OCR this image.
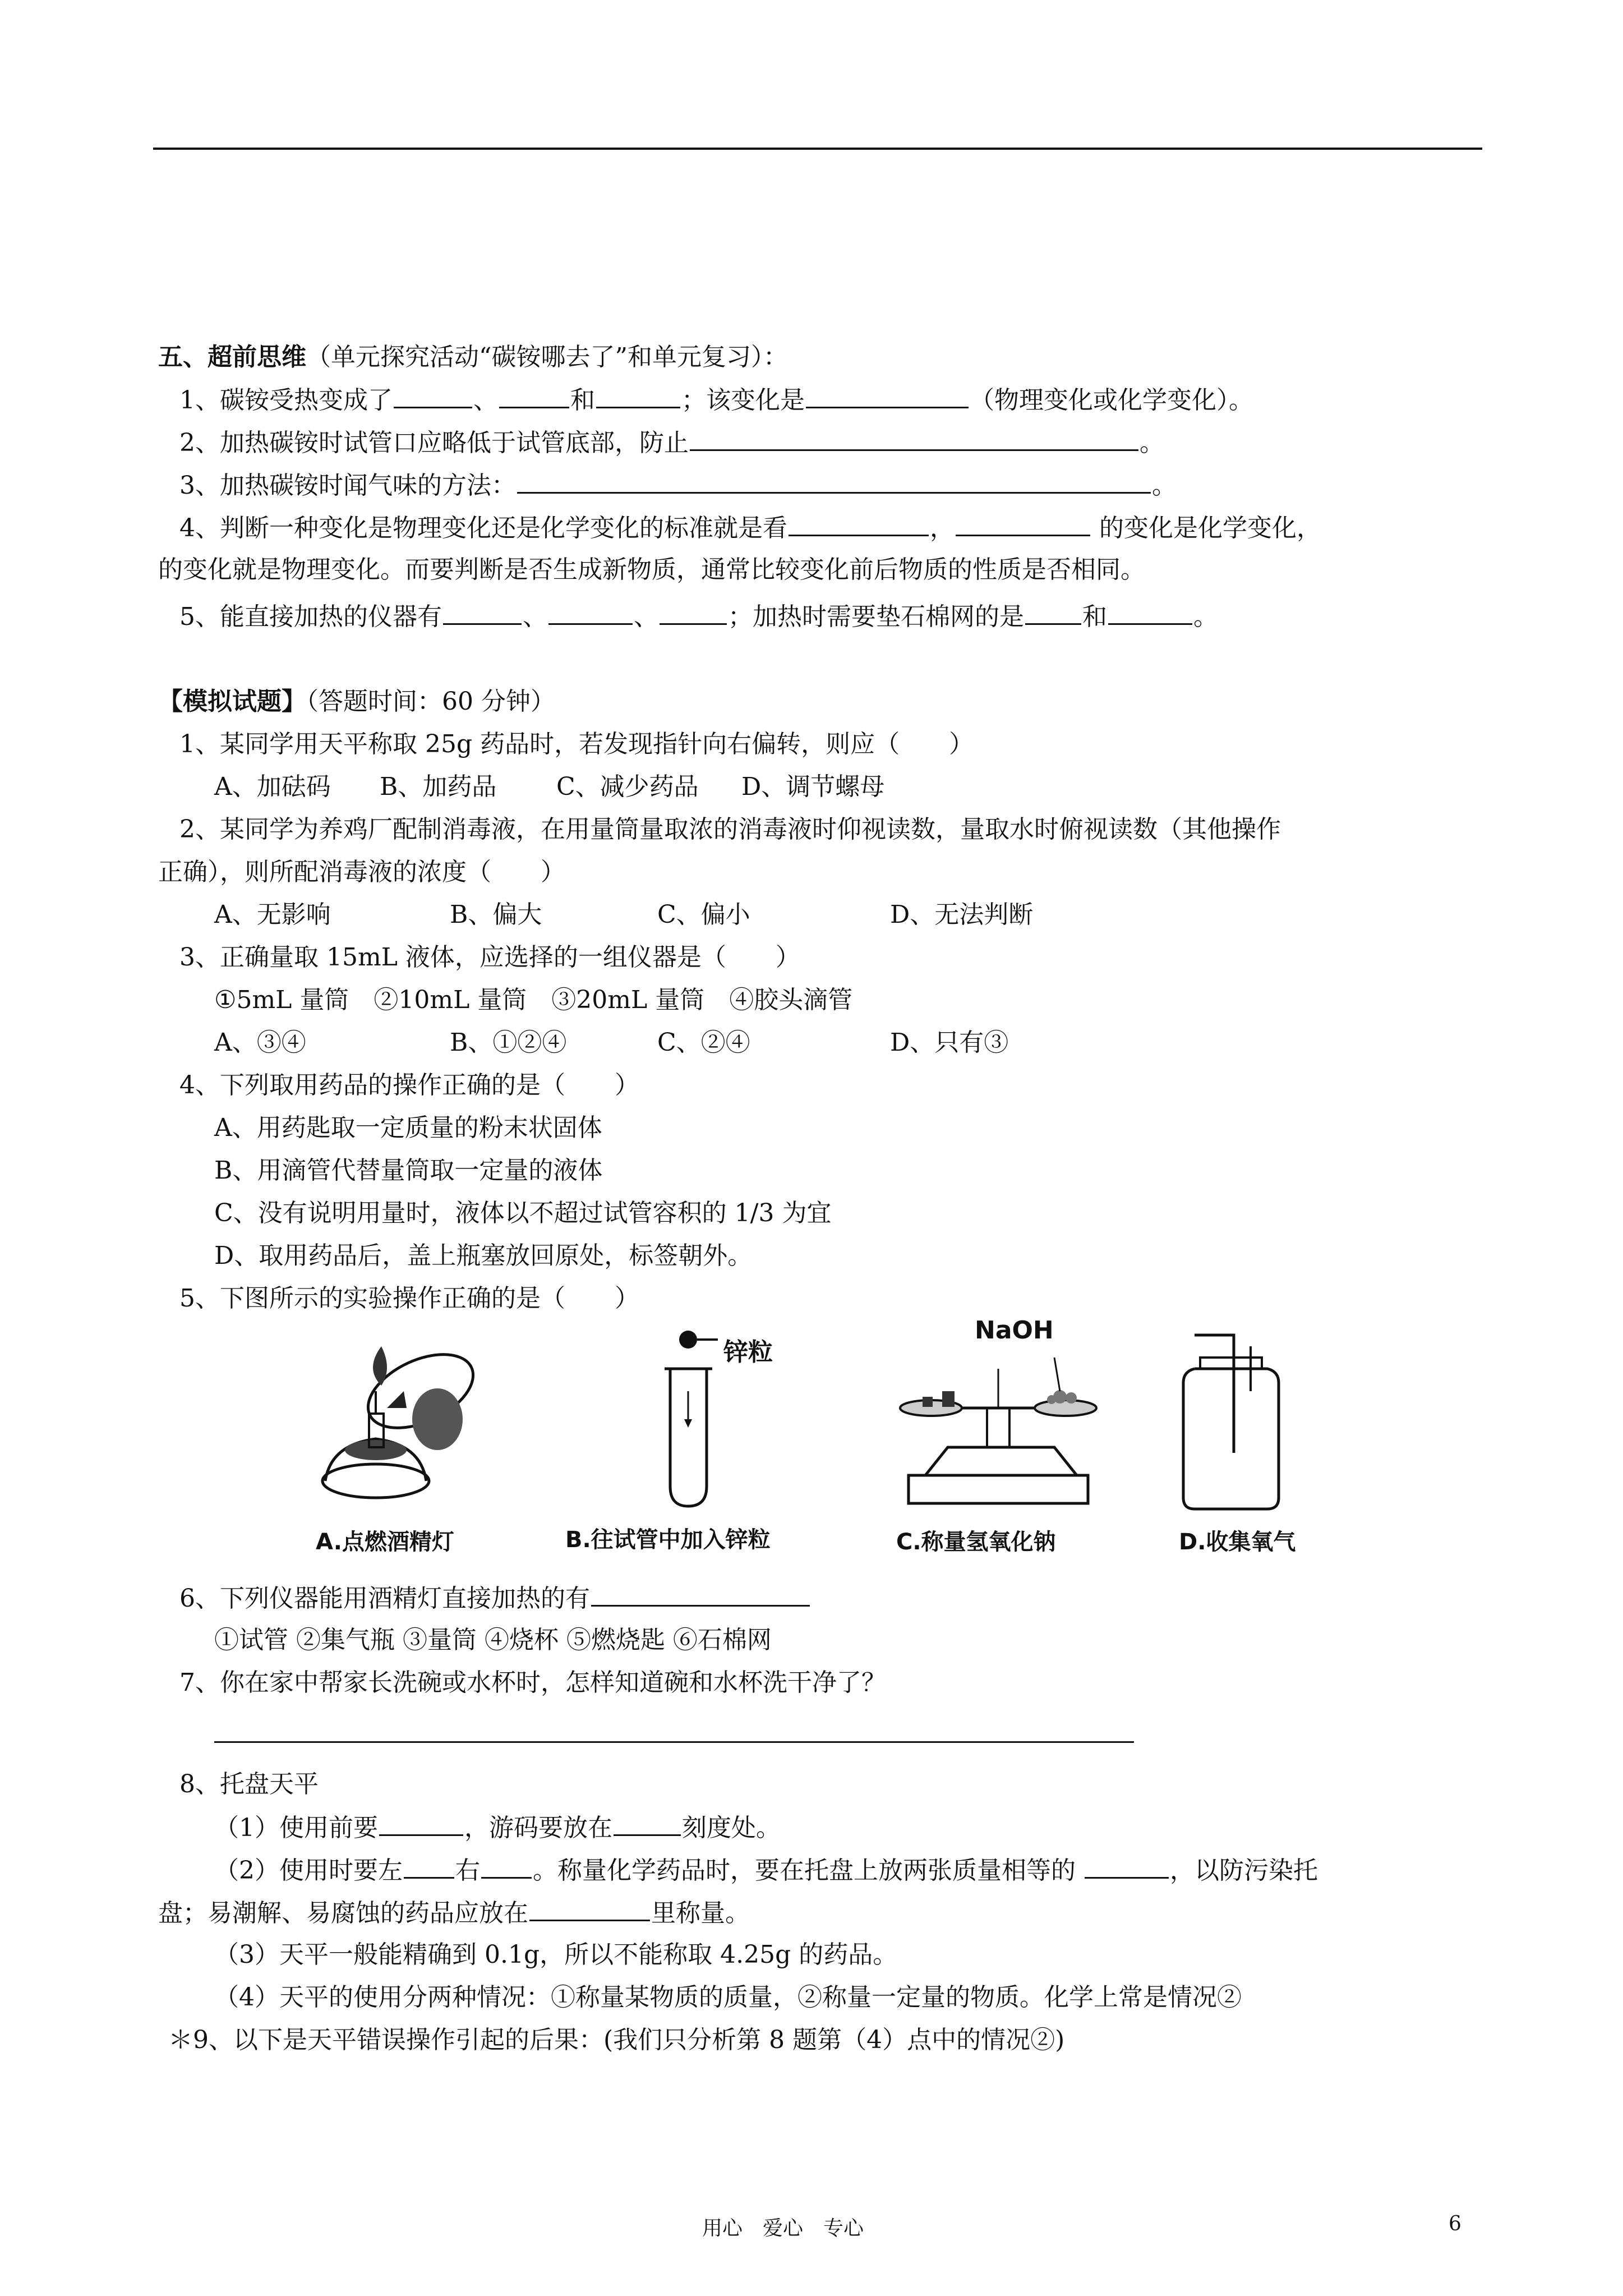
五、超前思维（单元探究活动“碳铵哪去了”和单元复习）：
1、碳铵受热变成了	、	和	；该变化是	（物理变化或化学变化）。
2、加热碳铵时试管口应略低于试管底部，防止	。
3、加热碳铵时闻气味的方法：	。
4、判断一种变化是物理变化还是化学变化的标准就是看	，	的变化是化学变化，
的变化就是物理变化。而要判断是否生成新物质，通常比较变化前后物质的性质是否相同。
5、能直接加热的仪器有	、	、	；加热时需要垫石棉网的是 和	。
【模拟试题】（答题时间：60 分钟）
1、某同学用天平称取 25g 药品时，若发现指针向右偏转，则应（　　）
A、加砝码 B、加药品 C、减少药品 D、调节螺母
2、某同学为养鸡厂配制消毒液，在用量筒量取浓的消毒液时仰视读数，量取水时俯视读数（其他操作
正确），则所配消毒液的浓度（　　）
A、无影响	B、偏大	C、偏小	D、无法判断
3、正确量取 15mL 液体，应选择的一组仪器是（　　）
①5mL 量筒　②10mL 量筒　③20mL 量筒　④胶头滴管
A、③④	B、①②④	C、②④	D、只有③
4、下列取用药品的操作正确的是（　　）
A、用药匙取一定质量的粉末状固体
B、用滴管代替量筒取一定量的液体
C、没有说明用量时，液体以不超过试管容积的 1/3 为宜
D、取用药品后，盖上瓶塞放回原处，标签朝外。
5、下图所示的实验操作正确的是（　　）
A.点燃酒精灯
锌粒
B.往试管中加入锌粒
NaOH
C.称量氢氧化钠	D.收集氧气
6、下列仪器能用酒精灯直接加热的有
①试管 ②集气瓶 ③量筒 ④烧杯 ⑤燃烧匙 ⑥石棉网
7、你在家中帮家长洗碗或水杯时，怎样知道碗和水杯洗干净了？
8、托盘天平
（1）使用前要	，游码要放在	刻度处。
（2）使用时要左 右 。称量化学药品时，要在托盘上放两张质量相等的	，以防污染托
盘；易潮解、易腐蚀的药品应放在	里称量。
（3）天平一般能精确到 0.1g，所以不能称取 4.25g 的药品。
（4）天平的使用分两种情况：①称量某物质的质量，②称量一定量的物质。化学上常是情况②
＊9、以下是天平错误操作引起的后果：(我们只分析第 8 题第（4）点中的情况②)
用心　爱心　专心	6
